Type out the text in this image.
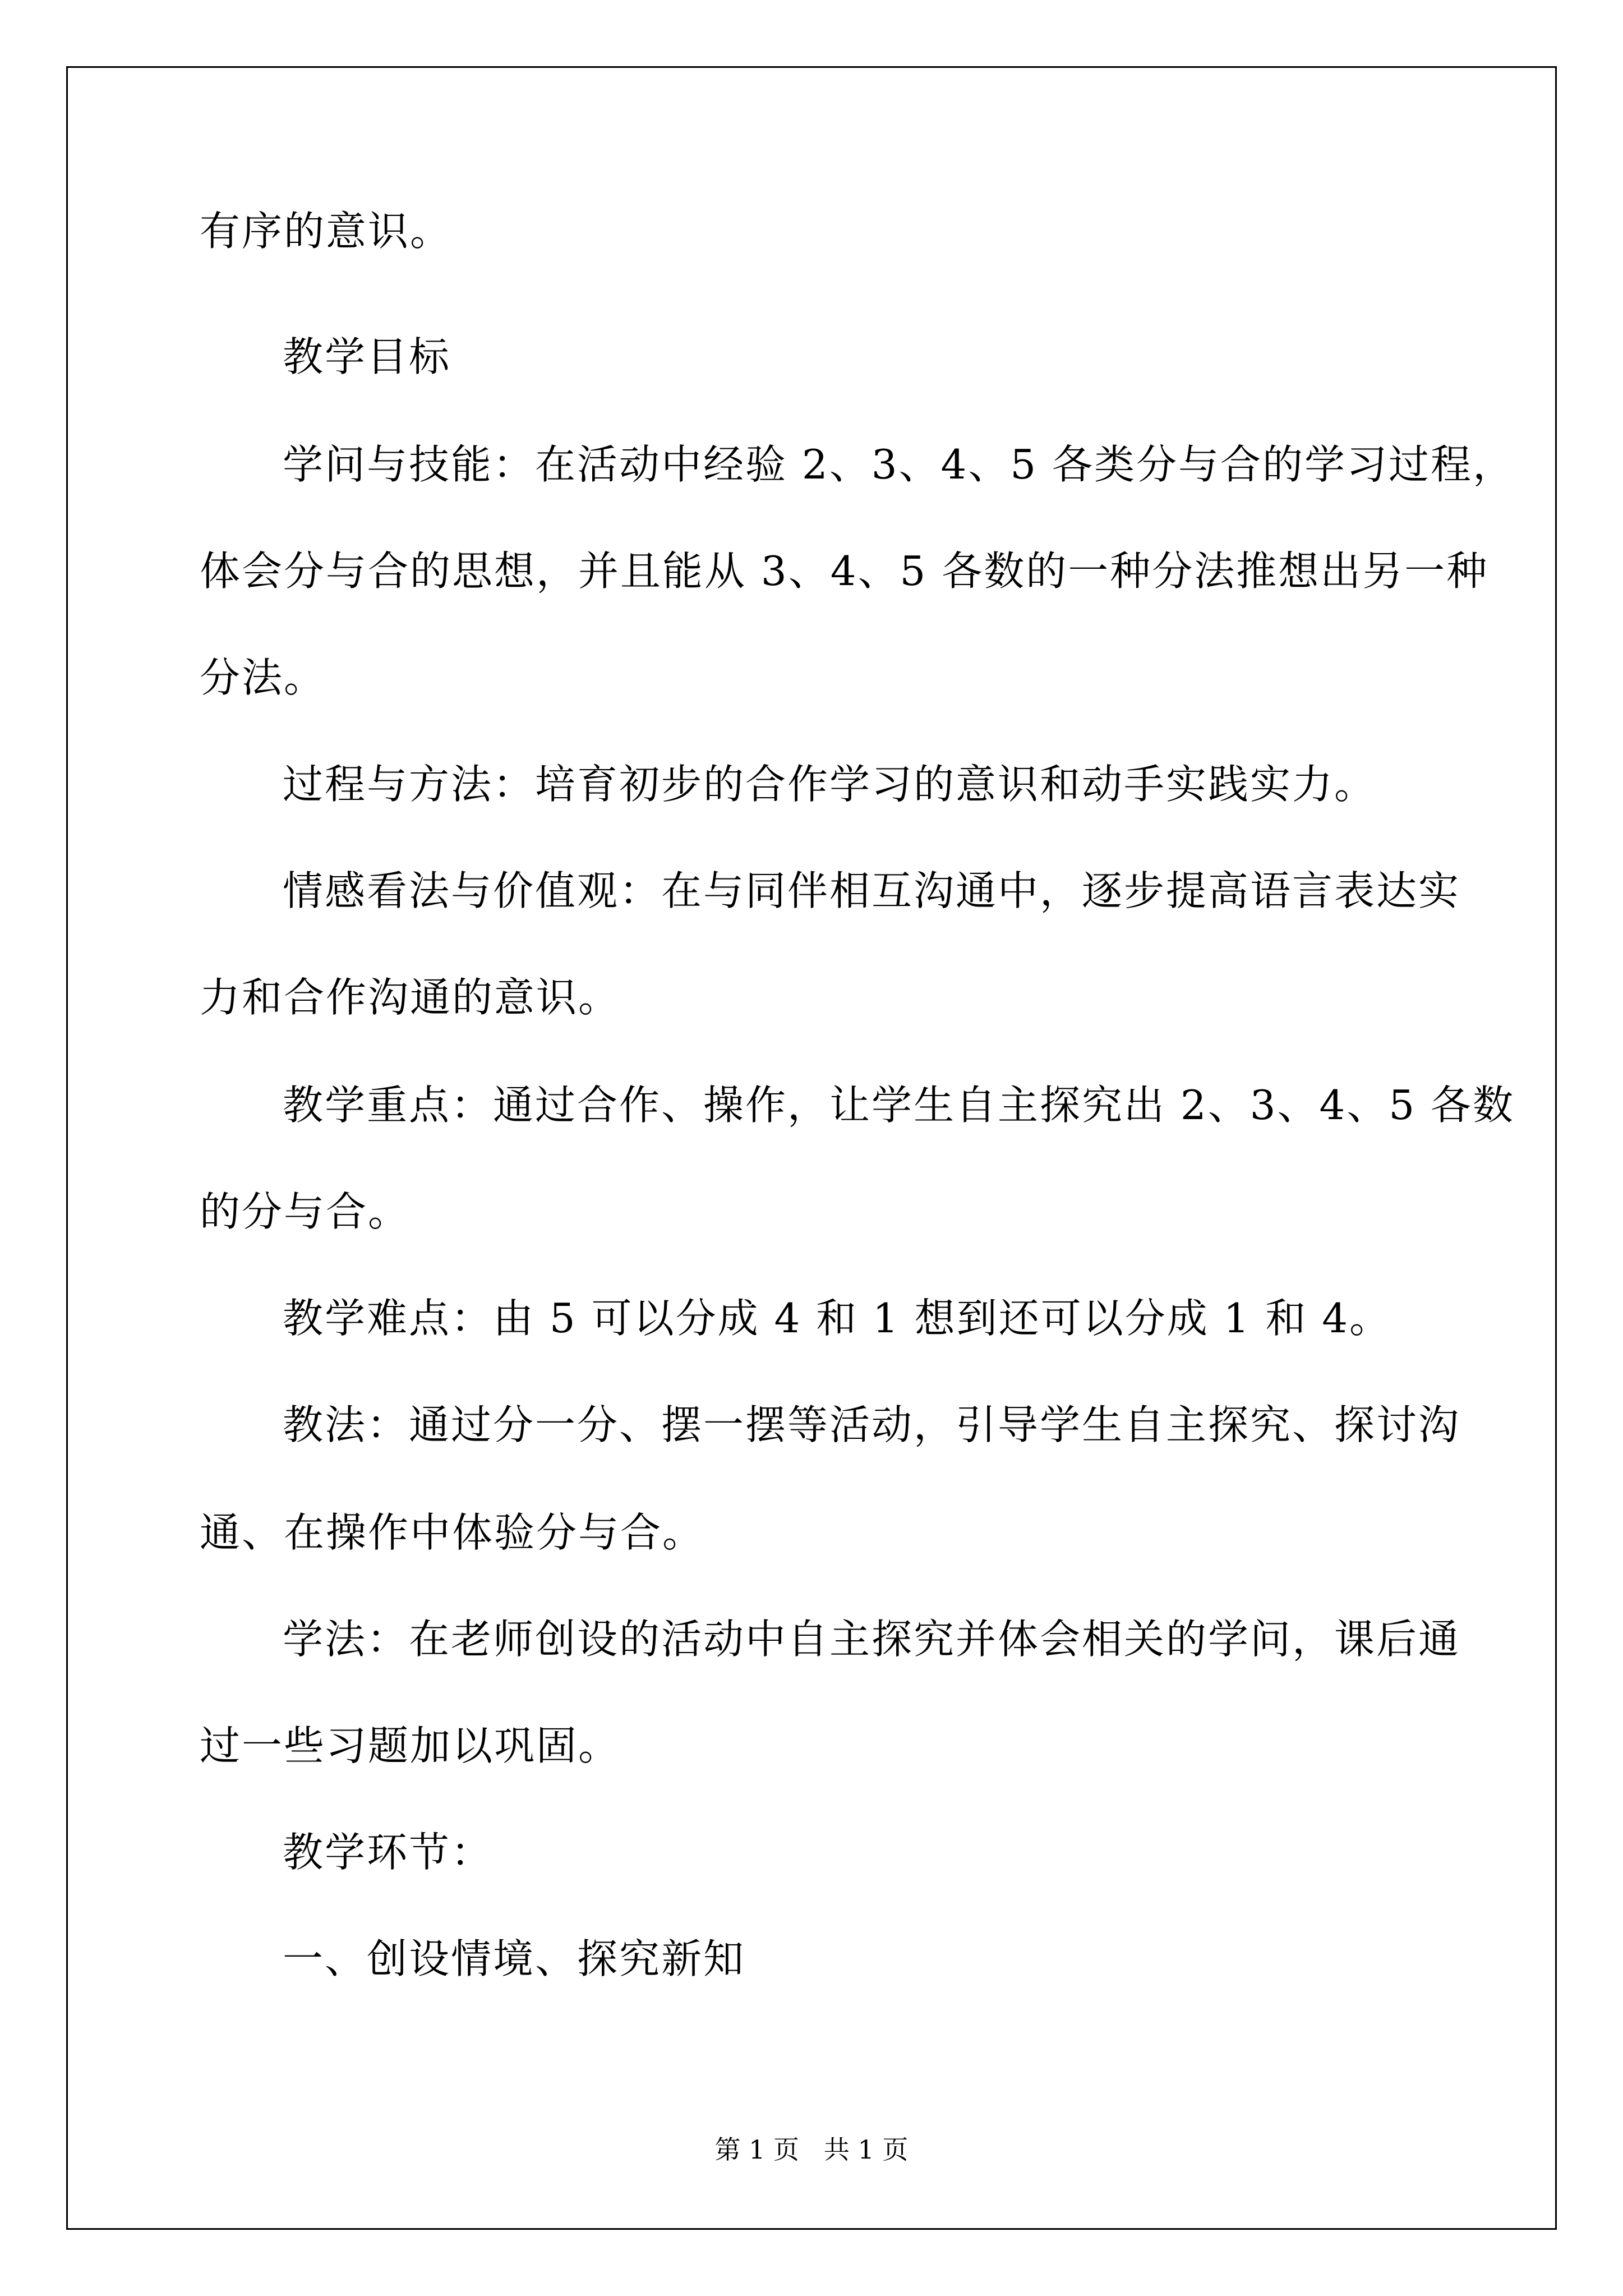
有序的意识。
教学目标
学问与技能：在活动中经验 2、3、4、5 各类分与合的学习过程，
体会分与合的思想，并且能从 3、4、5 各数的一种分法推想出另一种
分法。
过程与方法：培育初步的合作学习的意识和动手实践实力。
情感看法与价值观：在与同伴相互沟通中，逐步提高语言表达实
力和合作沟通的意识。
教学重点：通过合作、操作，让学生自主探究出 2、3、4、5 各数
的分与合。
教学难点：由 5 可以分成 4 和 1 想到还可以分成 1 和 4。
教法：通过分一分、摆一摆等活动，引导学生自主探究、探讨沟
通、在操作中体验分与合。
学法：在老师创设的活动中自主探究并体会相关的学问，课后通
过一些习题加以巩固。
教学环节：
一、创设情境、探究新知
第 1 页   共 1 页
